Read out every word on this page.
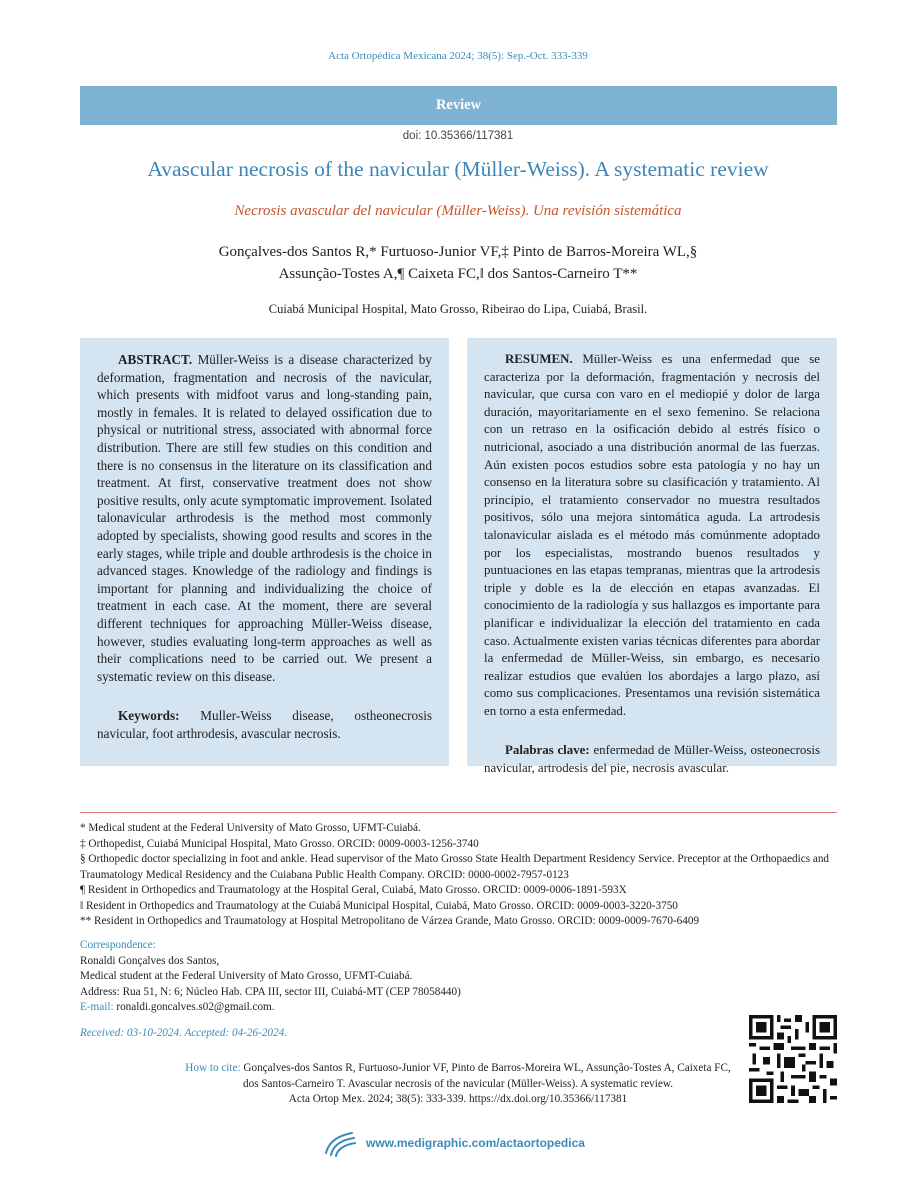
Acta Ortopédica Mexicana 2024; 38(5): Sep.-Oct. 333-339
Review
doi: 10.35366/117381
Avascular necrosis of the navicular (Müller-Weiss). A systematic review
Necrosis avascular del navicular (Müller-Weiss). Una revisión sistemática
Gonçalves-dos Santos R,* Furtuoso-Junior VF,‡ Pinto de Barros-Moreira WL,§
Assunção-Tostes A,¶ Caixeta FC,‖ dos Santos-Carneiro T**
Cuiabá Municipal Hospital, Mato Grosso, Ribeirao do Lipa, Cuiabá, Brasil.

ABSTRACT. Müller-Weiss is a disease characterized by deformation, fragmentation and necrosis of the navicular, which presents with midfoot varus and long-standing pain, mostly in females. It is related to delayed ossification due to physical or nutritional stress, associated with abnormal force distribution. There are still few studies on this condition and there is no consensus in the literature on its classification and treatment. At first, conservative treatment does not show positive results, only acute symptomatic improvement. Isolated talonavicular arthrodesis is the method most commonly adopted by specialists, showing good results and scores in the early stages, while triple and double arthrodesis is the choice in advanced stages. Knowledge of the radiology and findings is important for planning and individualizing the choice of treatment in each case. At the moment, there are several different techniques for approaching Müller-Weiss disease, however, studies evaluating long-term approaches as well as their complications need to be carried out. We present a systematic review on this disease.

Keywords: Muller-Weiss disease, ostheonecrosis navicular, foot arthrodesis, avascular necrosis.

RESUMEN. Müller-Weiss es una enfermedad que se caracteriza por la deformación, fragmentación y necrosis del navicular, que cursa con varo en el mediopié y dolor de larga duración, mayoritariamente en el sexo femenino. Se relaciona con un retraso en la osificación debido al estrés físico o nutricional, asociado a una distribución anormal de las fuerzas. Aún existen pocos estudios sobre esta patología y no hay un consenso en la literatura sobre su clasificación y tratamiento. Al principio, el tratamiento conservador no muestra resultados positivos, sólo una mejora sintomática aguda. La artrodesis talonavicular aislada es el método más comúnmente adoptado por los especialistas, mostrando buenos resultados y puntuaciones en las etapas tempranas, mientras que la artrodesis triple y doble es la de elección en etapas avanzadas. El conocimiento de la radiología y sus hallazgos es importante para planificar e individualizar la elección del tratamiento en cada caso. Actualmente existen varias técnicas diferentes para abordar la enfermedad de Müller-Weiss, sin embargo, es necesario realizar estudios que evalúen los abordajes a largo plazo, así como sus complicaciones. Presentamos una revisión sistemática en torno a esta enfermedad.

Palabras clave: enfermedad de Müller-Weiss, osteonecrosis navicular, artrodesis del pie, necrosis avascular.

* Medical student at the Federal University of Mato Grosso, UFMT-Cuiabá.
‡ Orthopedist, Cuiabá Municipal Hospital, Mato Grosso. ORCID: 0009-0003-1256-3740
§ Orthopedic doctor specializing in foot and ankle. Head supervisor of the Mato Grosso State Health Department Residency Service. Preceptor at the Orthopaedics and Traumatology Medical Residency and the Cuiabana Public Health Company. ORCID: 0000-0002-7957-0123
¶ Resident in Orthopedics and Traumatology at the Hospital Geral, Cuiabá, Mato Grosso. ORCID: 0009-0006-1891-593X
‖ Resident in Orthopedics and Traumatology at the Cuiabá Municipal Hospital, Cuiabá, Mato Grosso. ORCID: 0009-0003-3220-3750
** Resident in Orthopedics and Traumatology at Hospital Metropolitano de Várzea Grande, Mato Grosso. ORCID: 0009-0009-7670-6409
Correspondence:
Ronaldi Gonçalves dos Santos,
Medical student at the Federal University of Mato Grosso, UFMT-Cuiabá.
Address: Rua 51, N: 6; Núcleo Hab. CPA III, sector III, Cuiabá-MT (CEP 78058440)
E-mail: ronaldi.goncalves.s02@gmail.com.
Received: 03-10-2024. Accepted: 04-26-2024.
How to cite: Gonçalves-dos Santos R, Furtuoso-Junior VF, Pinto de Barros-Moreira WL, Assunção-Tostes A, Caixeta FC,
dos Santos-Carneiro T. Avascular necrosis of the navicular (Müller-Weiss). A systematic review.
Acta Ortop Mex. 2024; 38(5): 333-339. https://dx.doi.org/10.35366/117381
www.medigraphic.com/actaortopedica
